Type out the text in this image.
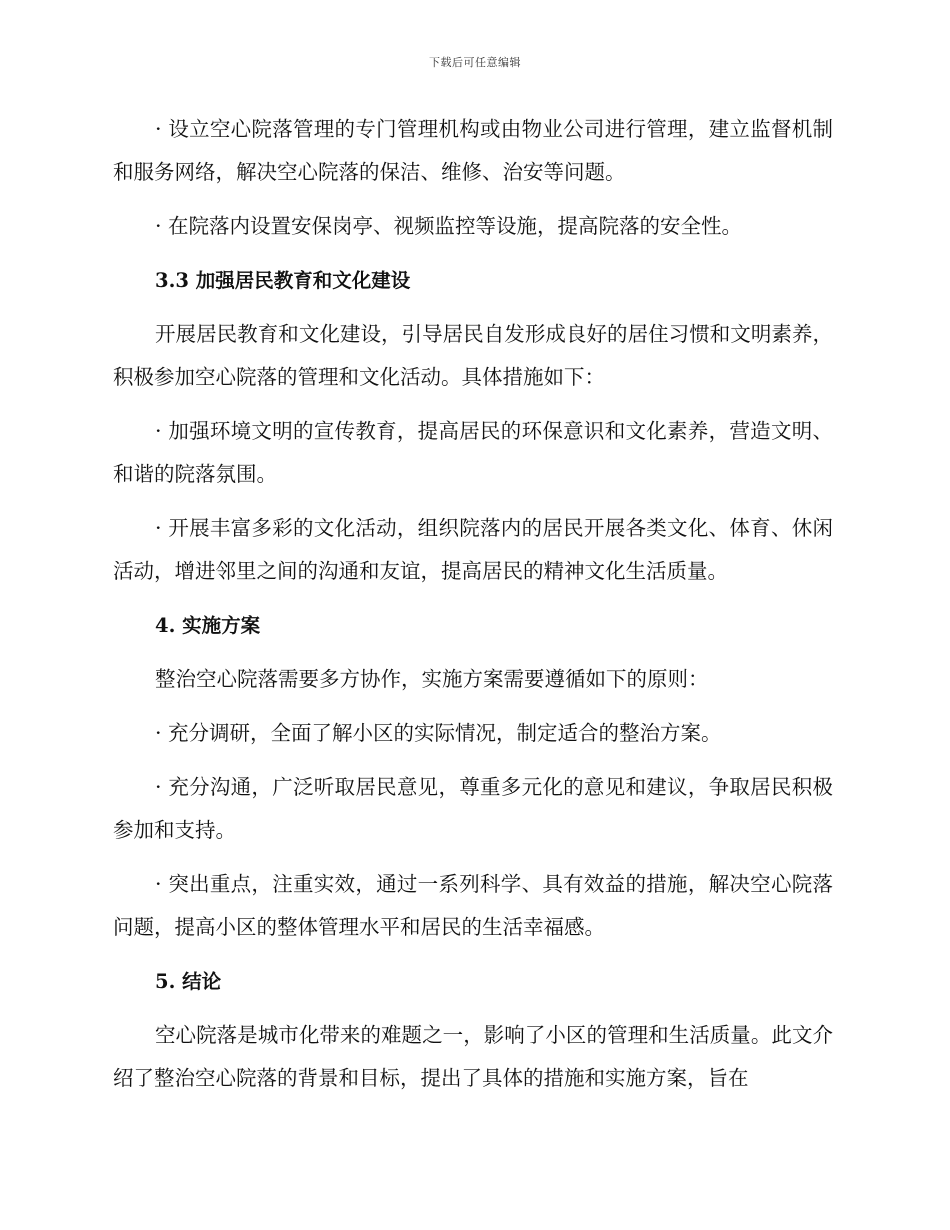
下载后可任意编辑

· 设立空心院落管理的专门管理机构或由物业公司进行管理，建立监督机制和服务网络，解决空心院落的保洁、维修、治安等问题。

· 在院落内设置安保岗亭、视频监控等设施，提高院落的安全性。

3.3 加强居民教育和文化建设

开展居民教育和文化建设，引导居民自发形成良好的居住习惯和文明素养，积极参加空心院落的管理和文化活动。具体措施如下：

· 加强环境文明的宣传教育，提高居民的环保意识和文化素养，营造文明、和谐的院落氛围。

· 开展丰富多彩的文化活动，组织院落内的居民开展各类文化、体育、休闲活动，增进邻里之间的沟通和友谊，提高居民的精神文化生活质量。

4. 实施方案

整治空心院落需要多方协作，实施方案需要遵循如下的原则：

· 充分调研，全面了解小区的实际情况，制定适合的整治方案。

· 充分沟通，广泛听取居民意见，尊重多元化的意见和建议，争取居民积极参加和支持。

· 突出重点，注重实效，通过一系列科学、具有效益的措施，解决空心院落问题，提高小区的整体管理水平和居民的生活幸福感。

5. 结论

空心院落是城市化带来的难题之一，影响了小区的管理和生活质量。此文介绍了整治空心院落的背景和目标，提出了具体的措施和实施方案，旨在
